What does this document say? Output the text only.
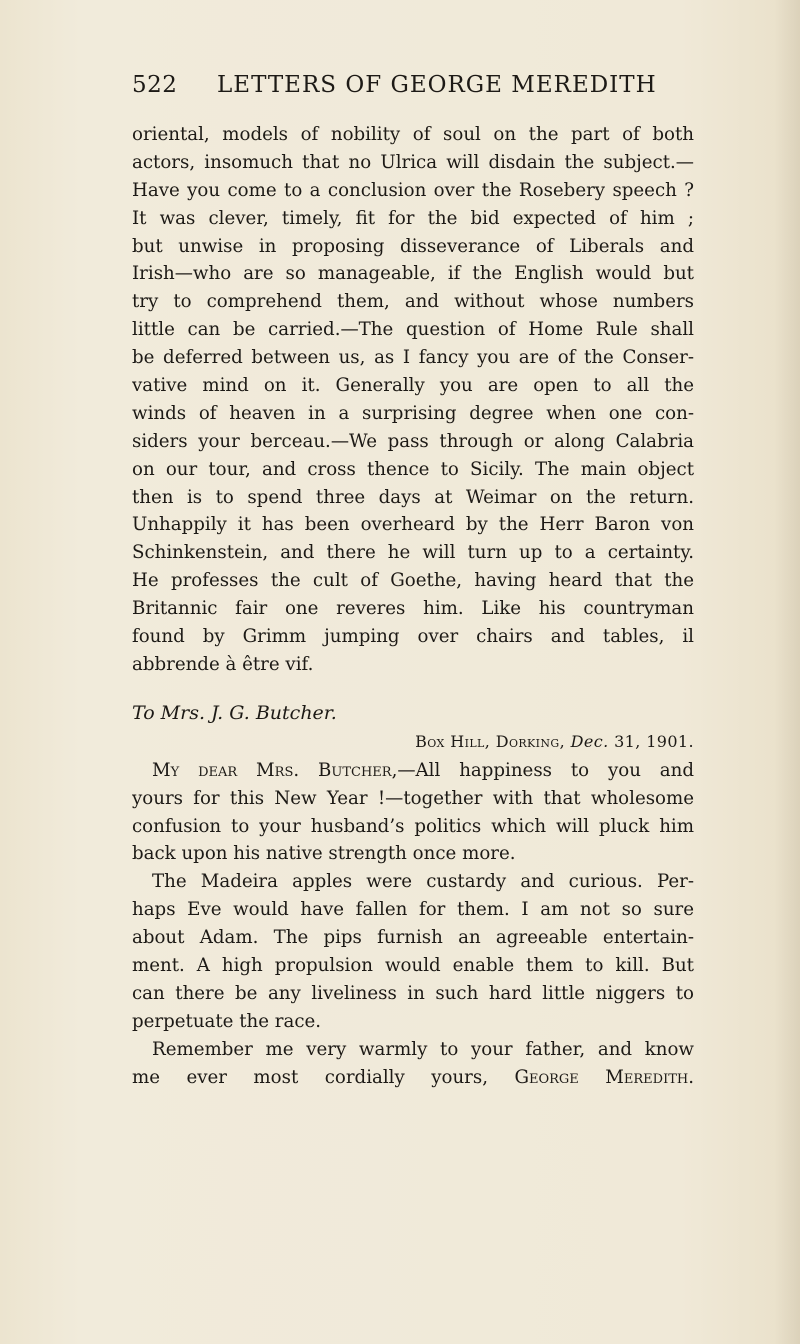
522	LETTERS OF GEORGE MEREDITH
oriental, models of nobility of soul on the part of both
actors, insomuch that no Ulrica will disdain the subject.—
Have you come to a conclusion over the Rosebery speech ?
It was clever, timely, fit for the bid expected of him ;
but unwise in proposing disseverance of Liberals and
Irish—who are so manageable, if the English would but
try to comprehend them, and without whose numbers
little can be carried.—The question of Home Rule shall
be deferred between us, as I fancy you are of the Conser-
vative mind on it. Generally you are open to all the
winds of heaven in a surprising degree when one con-
siders your berceau.—We pass through or along Calabria
on our tour, and cross thence to Sicily. The main object
then is to spend three days at Weimar on the return.
Unhappily it has been overheard by the Herr Baron von
Schinkenstein, and there he will turn up to a certainty.
He professes the cult of Goethe, having heard that the
Britannic fair one reveres him. Like his countryman
found by Grimm jumping over chairs and tables, il
abbrende à être vif.
To Mrs. J. G. Butcher.
Box Hill, Dorking, Dec. 31, 1901.
My dear Mrs. Butcher,—All happiness to you and
yours for this New Year !—together with that wholesome
confusion to your husband’s politics which will pluck him
back upon his native strength once more.
The Madeira apples were custardy and curious. Per-
haps Eve would have fallen for them. I am not so sure
about Adam. The pips furnish an agreeable entertain-
ment. A high propulsion would enable them to kill. But
can there be any liveliness in such hard little niggers to
perpetuate the race.
Remember me very warmly to your father, and know
me ever most cordially yours, George Meredith.
